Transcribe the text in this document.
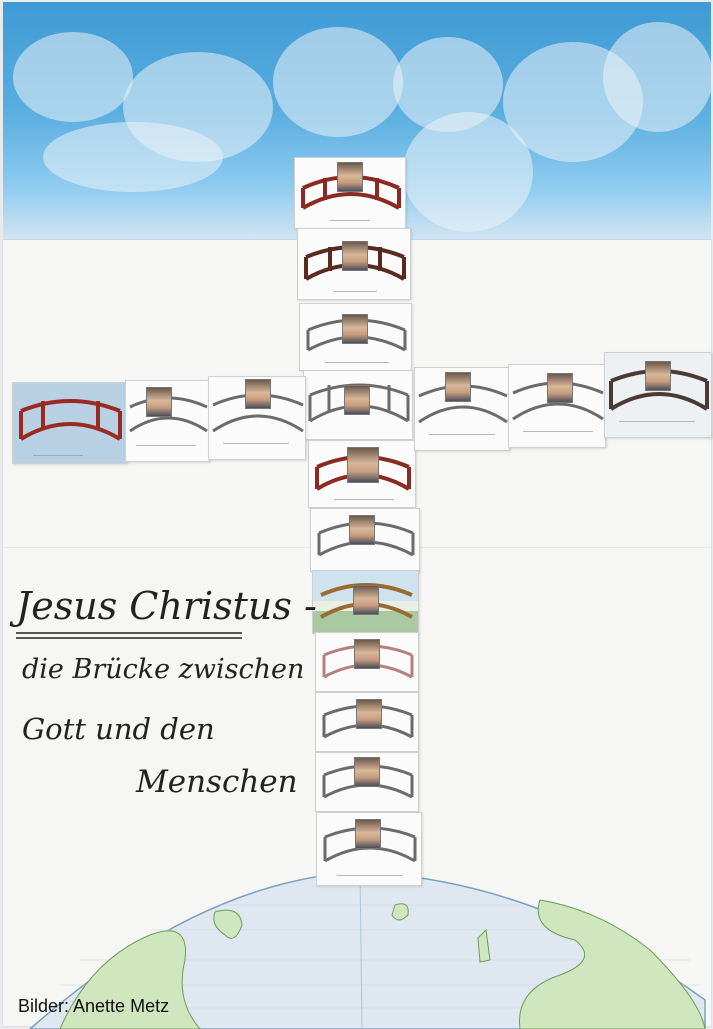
Jesus Christus -
die Brücke zwischen
Gott und den
Menschen
Bilder: Anette Metz
